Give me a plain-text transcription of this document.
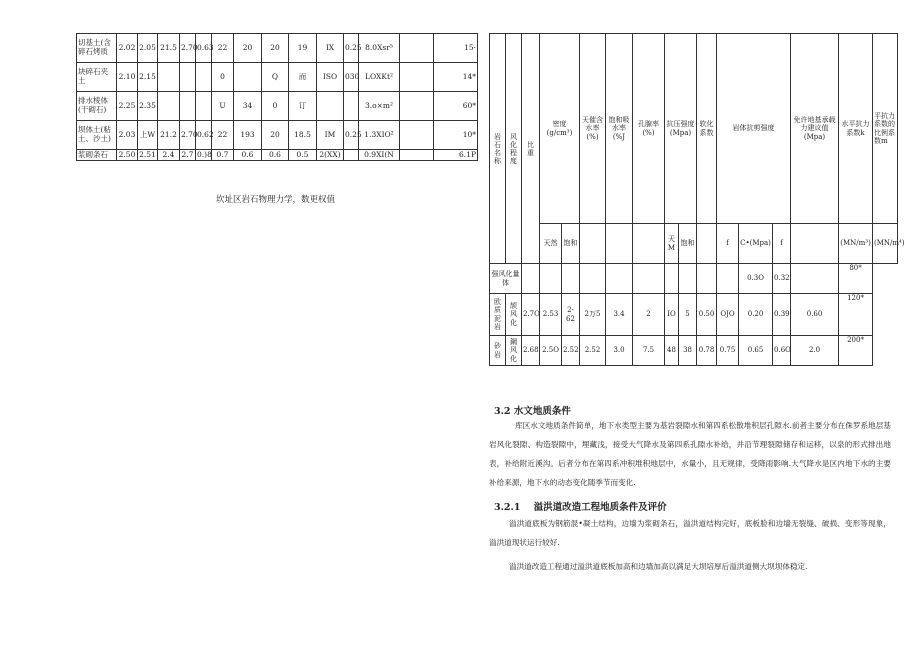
切基土(含碎石烤质	2.02	2.05	21.5	2.70	0.63	22	20	20	19	IX	0.25	8.0Xsr⁵		15·
块碎石夹土	2.10	2.15				0		Q	而	ISO	030	LOXKt²		14*
排水棱体(干砌石)	2.25	2.35				U	34	0	订			3.o×m²		60*
坝体土(粘土、沙土)	2.03	上W	21.2	2.70	0.62	22	193	20	18.5	IM	0.25	1.3XIO²		10*
浆砌条石	2.50	2.51	2.4	2.7	0.)8	0.7	0.6	0.6	0.5	2(XX)		0.9XI(N		6.1P
坎址区岩石物理力学，数更权值
岩石名称	风化程度	比重	密度(g/cm³)		天催含水率(%)	饱和吸水率(%J	孔腺率(%)	抗压强度(Mpa)		软化系数	岩体抗剪强度			免许地基承载力建议值(Mpa)	水平抗力系数k	平抗力系数的比例系数m
			天然	饱和				天M	饱和		f	C•(Mpa)	f		(MN/m³)	(MN/m⁴)
强风化量体												0.3O	0.32		80*	
欧质泥岩	颉风化	2.7O	2.53	2-62	2万5	3.4	2	IO	5	0.50	OJO	0.20	0.39	0.60	120*	
砂岩	鋼风化	2.68	2.5O	2.52	2.52	3.0	7.5	48	38	0.78	0.75	0.65	0.6O	2.0	200*	
3.2 水文地质条件
库区水文地质条件简单，地下水类型主要为基岩裂隙水和第四系松散堆积层孔隙水.前者主要分布在侏罗系地层基岩风化裂隙、构造裂隙中，埋藏浅，接受大气降水及第四系孔隙水补给，并沿节理裂隙储存和运移，以泉的形式排出地表，补给附近溪沟。后者分布在第四系冲积堆积地层中，水量小，且无规律，受降雨影响.大气降水是区内地下水的主要补给来源，地下水的动态变化随季节而变化.
3.2.1    溢洪道改造工程地质条件及评价
溢洪道底板为钢筋混•凝土结构，边墙为浆砌条石，溢洪道结构完好，底板脸和边墙无裂缝、破损、变形等现象，溢洪道现状运行较好.
溢洪道改造工程通过溢洪道底板加高和边墙加高以满足大坝培厚后溢洪道侧大坝坝体稳定.
